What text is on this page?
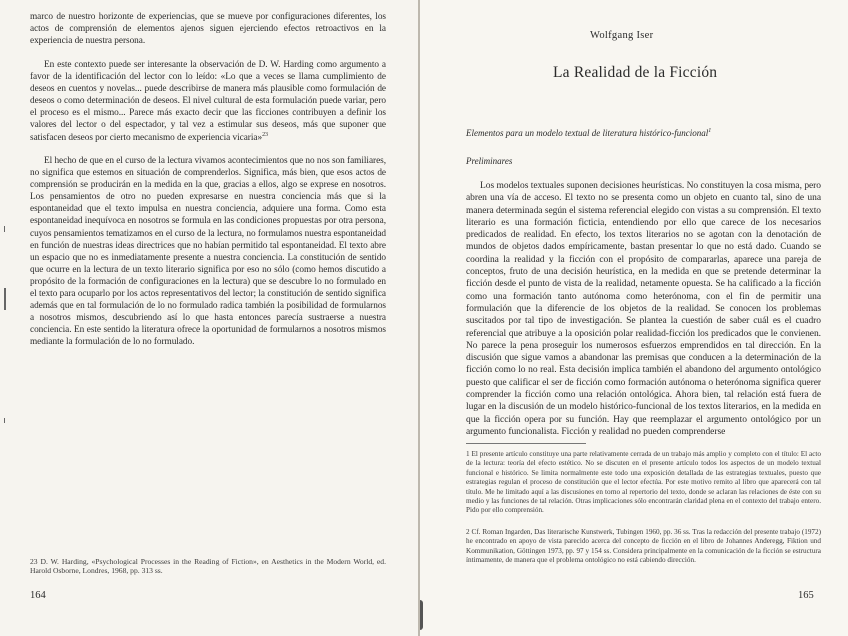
marco de nuestro horizonte de experiencias, que se mueve por configuraciones diferentes, los actos de comprensión de elementos ajenos siguen ejerciendo efectos retroactivos en la experiencia de nuestra persona.

En este contexto puede ser interesante la observación de D. W. Harding como argumento a favor de la identificación del lector con lo leído: «Lo que a veces se llama cumplimiento de deseos en cuentos y novelas... puede describirse de manera más plausible como formulación de deseos o como determinación de deseos. El nivel cultural de esta formulación puede variar, pero el proceso es el mismo... Parece más exacto decir que las ficciones contribuyen a definir los valores del lector o del espectador, y tal vez a estimular sus deseos, más que suponer que satisfacen deseos por cierto mecanismo de experiencia vicaria»$^{23}$

El hecho de que en el curso de la lectura vivamos acontecimientos que no nos son familiares, no significa que estemos en situación de comprenderlos. Significa, más bien, que esos actos de comprensión se producirán en la medida en la que, gracias a ellos, algo se exprese en nosotros. Los pensamientos de otro no pueden expresarse en nuestra conciencia más que si la espontaneidad que el texto impulsa en nuestra conciencia, adquiere una forma. Como esta espontaneidad inequívoca en nosotros se formula en las condiciones propuestas por otra persona, cuyos pensamientos tematizamos en el curso de la lectura, no formulamos nuestra espontaneidad en función de nuestras ideas directrices que no habían permitido tal espontaneidad. El texto abre un espacio que no es inmediatamente presente a nuestra conciencia. La constitución de sentido que ocurre en la lectura de un texto literario significa por eso no sólo (como hemos discutido a propósito de la formación de configuraciones en la lectura) que se descubre lo no formulado en el texto para ocuparlo por los actos representativos del lector; la constitución de sentido significa además que en tal formulación de lo no formulado radica también la posibilidad de formularnos a nosotros mismos, descubriendo así lo que hasta entonces parecía sustraerse a nuestra conciencia. En este sentido la literatura ofrece la oportunidad de formularnos a nosotros mismos mediante la formulación de lo no formulado.

23 D. W. Harding, «Psychological Processes in the Reading of Fiction», en Aesthetics in the Modern World, ed. Harold Osborne, Londres, 1968, pp. 313 ss.

164
Wolfgang Iser
La Realidad de la Ficción
Elementos para un modelo textual de literatura histórico-funcional$^1$
Preliminares

Los modelos textuales suponen decisiones heurísticas. No constituyen la cosa misma, pero abren una vía de acceso. El texto no se presenta como un objeto en cuanto tal, sino de una manera determinada según el sistema referencial elegido con vistas a su comprensión. El texto literario es una formación ficticia, entendiendo por ello que carece de los necesarios predicados de realidad. En efecto, los textos literarios no se agotan con la denotación de mundos de objetos dados empíricamente, bastan presentar lo que no está dado. Cuando se coordina la realidad y la ficción con el propósito de compararlas, aparece una pareja de conceptos, fruto de una decisión heurística, en la medida en que se pretende determinar la ficción desde el punto de vista de la realidad, netamente opuesta. Se ha calificado a la ficción como una formación tanto autónoma como heterónoma, con el fin de permitir una formulación que la diferencie de los objetos de la realidad. Se conocen los problemas suscitados por tal tipo de investigación. Se plantea la cuestión de saber cuál es el cuadro referencial que atribuye a la oposición polar realidad-ficción los predicados que le convienen. No parece la pena proseguir los numerosos esfuerzos emprendidos en tal dirección. En la discusión que sigue vamos a abandonar las premisas que conducen a la determinación de la ficción como lo no real. Esta decisión implica también el abandono del argumento ontológico puesto que calificar el ser de ficción como formación autónoma o heterónoma significa querer comprender la ficción como una relación ontológica. Ahora bien, tal relación está fuera de lugar en la discusión de un modelo histórico-funcional de los textos literarios, en la medida en que la ficción opera por su función. Hay que reemplazar el argumento ontológico por un argumento funcionalista. Ficción y realidad no pueden comprenderse

1 El presente artículo constituye una parte relativamente cerrada de un trabajo más amplio y completo con el título: El acto de la lectura: teoría del efecto estético. No se discuten en el presente artículo todos los aspectos de un modelo textual funcional e histórico. Se limita normalmente este todo una exposición detallada de las estrategias textuales, puesto que estrategias regulan el proceso de constitución que el lector efectúa. Por este motivo remito al libro que aparecerá con tal título. Me he limitado aquí a las discusiones en torno al repertorio del texto, donde se aclaran las relaciones de éste con su medio y las funciones de tal relación. Otras implicaciones sólo encontrarán claridad plena en el contexto del trabajo entero. Pido por ello comprensión.

2 Cf. Roman Ingarden, Das literarische Kunstwerk, Tubingen 1960, pp. 36 ss. Tras la redacción del presente trabajo (1972) he encontrado en apoyo de vista parecido acerca del concepto de ficción en el libro de Johannes Anderegg, Fiktion und Kommunikation, Göttingen 1973, pp. 97 y 154 ss. Considera principalmente en la comunicación de la ficción se estructura íntimamente, de manera que el problema ontológico no está cabiendo dirección.

165
